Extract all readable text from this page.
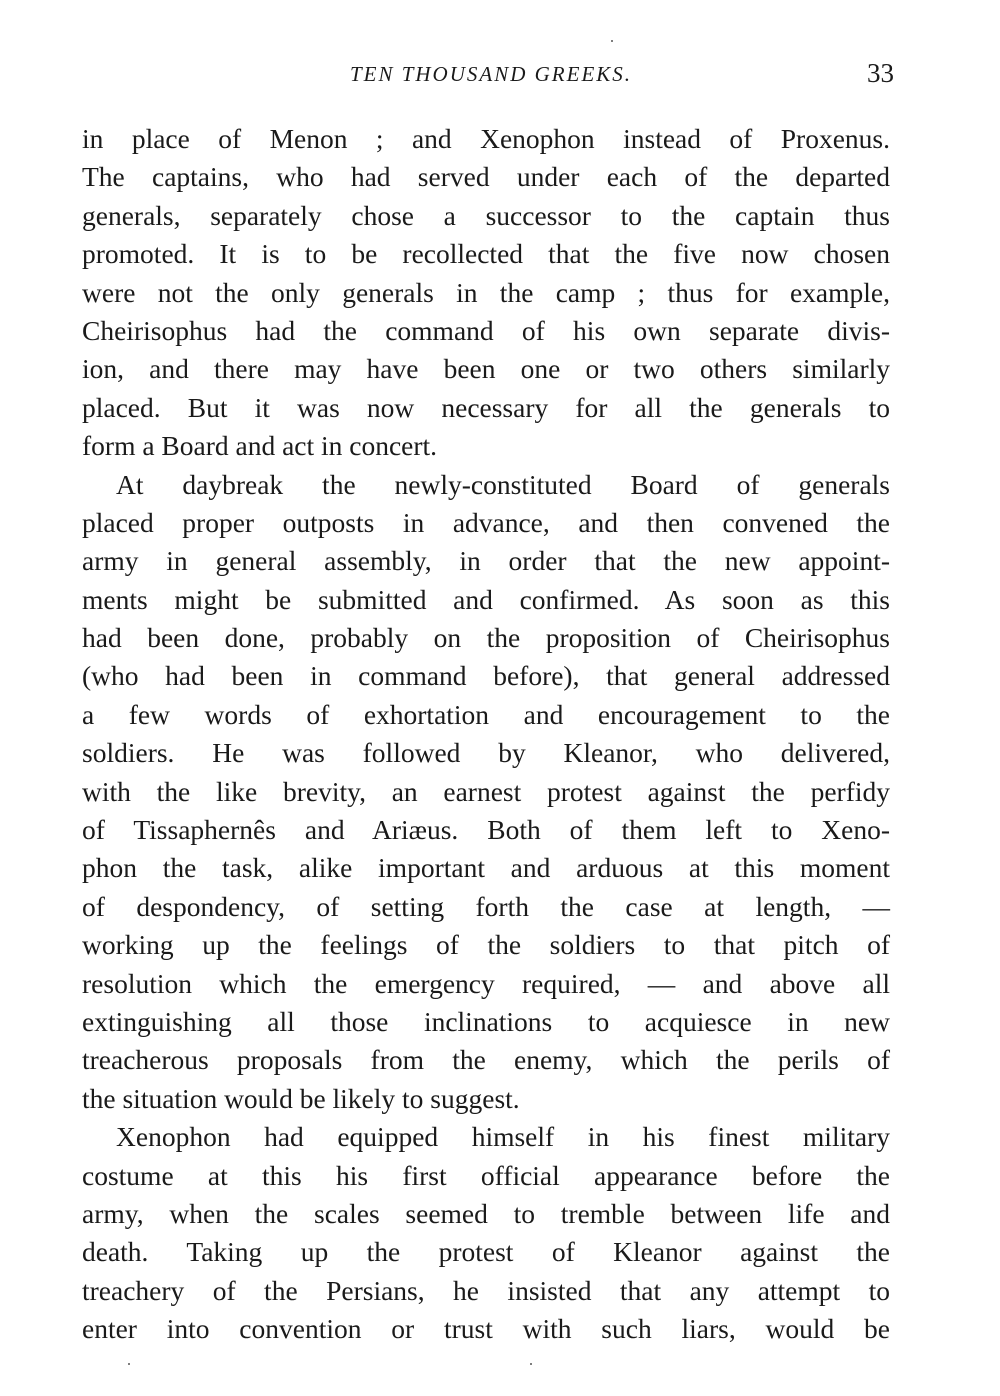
TEN THOUSAND GREEKS.	33
in place of Menon ; and Xenophon instead of Proxenus.
The captains, who had served under each of the departed
generals, separately chose a successor to the captain thus
promoted. It is to be recollected that the five now chosen
were not the only generals in the camp ; thus for example,
Cheirisophus had the command of his own separate divis-
ion, and there may have been one or two others similarly
placed. But it was now necessary for all the generals to
form a Board and act in concert.
At daybreak the newly-constituted Board of generals
placed proper outposts in advance, and then convened the
army in general assembly, in order that the new appoint-
ments might be submitted and confirmed. As soon as this
had been done, probably on the proposition of Cheirisophus
(who had been in command before), that general addressed
a few words of exhortation and encouragement to the
soldiers. He was followed by Kleanor, who delivered,
with the like brevity, an earnest protest against the perfidy
of Tissaphernês and Ariæus. Both of them left to Xeno-
phon the task, alike important and arduous at this moment
of despondency, of setting forth the case at length, —
working up the feelings of the soldiers to that pitch of
resolution which the emergency required, — and above all
extinguishing all those inclinations to acquiesce in new
treacherous proposals from the enemy, which the perils of
the situation would be likely to suggest.
Xenophon had equipped himself in his finest military
costume at this his first official appearance before the
army, when the scales seemed to tremble between life and
death. Taking up the protest of Kleanor against the
treachery of the Persians, he insisted that any attempt to
enter into convention or trust with such liars, would be
